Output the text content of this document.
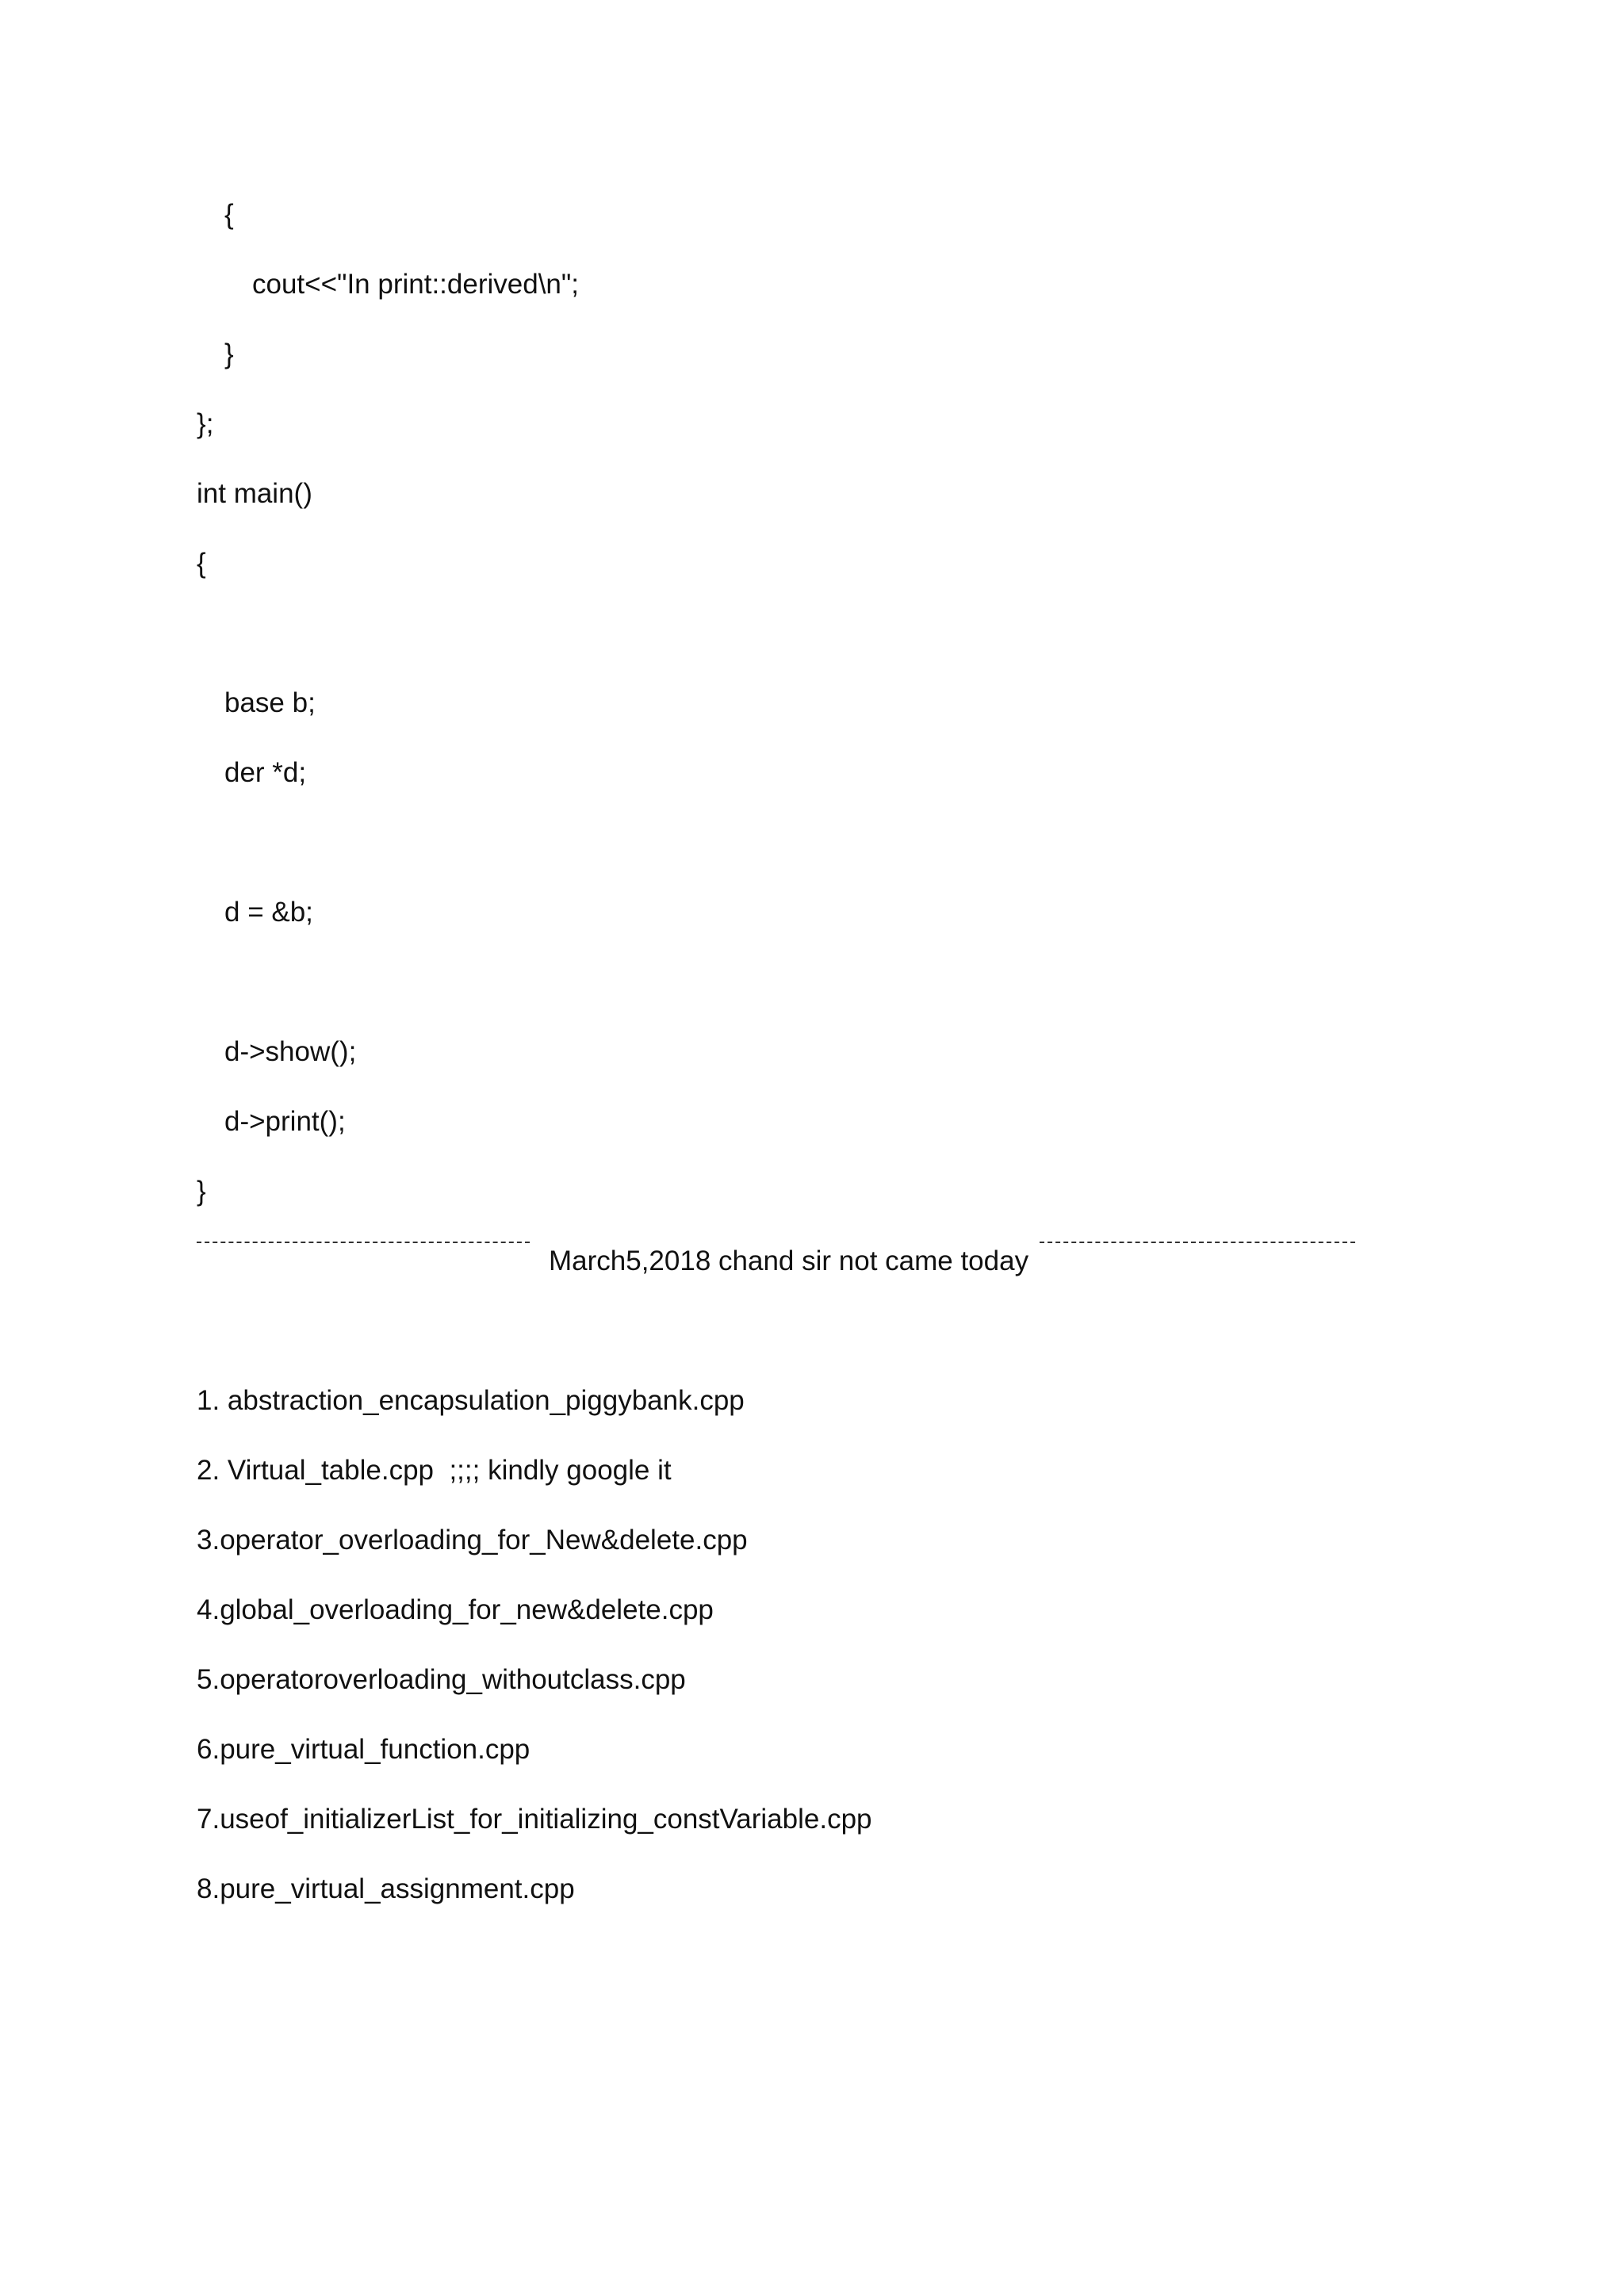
{
cout<<"In print::derived\n";
}
};
int main()
{
base b;
der *d;
d = &b;
d->show();
d->print();
}
March5,2018 chand sir not came today
1. abstraction_encapsulation_piggybank.cpp
2. Virtual_table.cpp  ;;;; kindly google it
3.operator_overloading_for_New&delete.cpp
4.global_overloading_for_new&delete.cpp
5.operatoroverloading_withoutclass.cpp
6.pure_virtual_function.cpp
7.useof_initializerList_for_initializing_constVariable.cpp
8.pure_virtual_assignment.cpp
